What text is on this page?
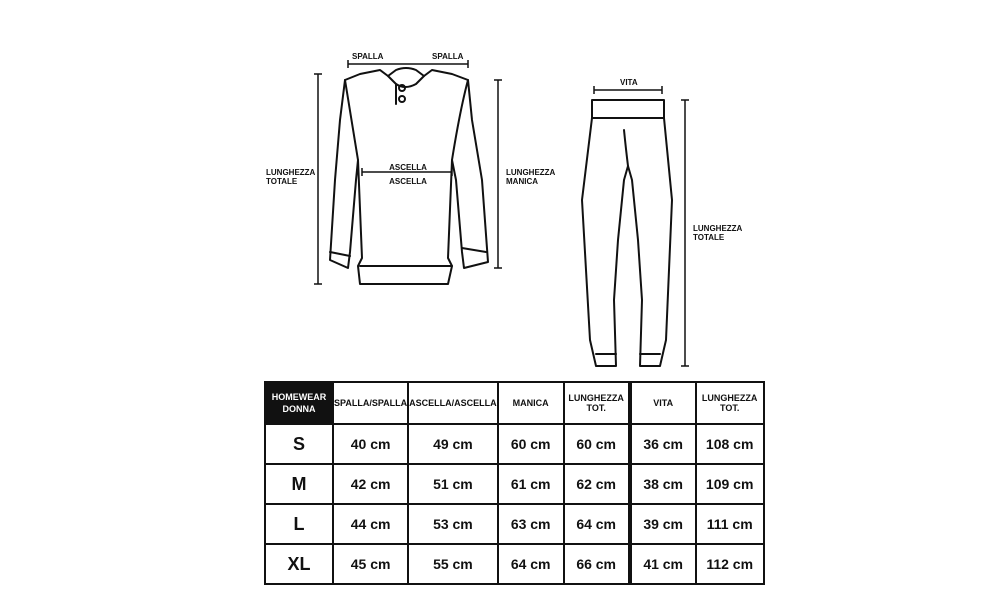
SPALLA	SPALLA
ASCELLA
ASCELLA
LUNGHEZZA
TOTALE
LUNGHEZZA
MANICA
VITA
LUNGHEZZA
TOTALE
HOMEWEAR
DONNA	SPALLA/SPALLA	ASCELLA/ASCELLA	MANICA	LUNGHEZZA TOT.	VITA	LUNGHEZZA TOT.
S	40 cm	49 cm	60 cm	60 cm	36 cm	108 cm
M	42 cm	51 cm	61 cm	62 cm	38 cm	109 cm
L	44 cm	53 cm	63 cm	64 cm	39 cm	111 cm
XL	45 cm	55 cm	64 cm	66 cm	41 cm	112 cm
